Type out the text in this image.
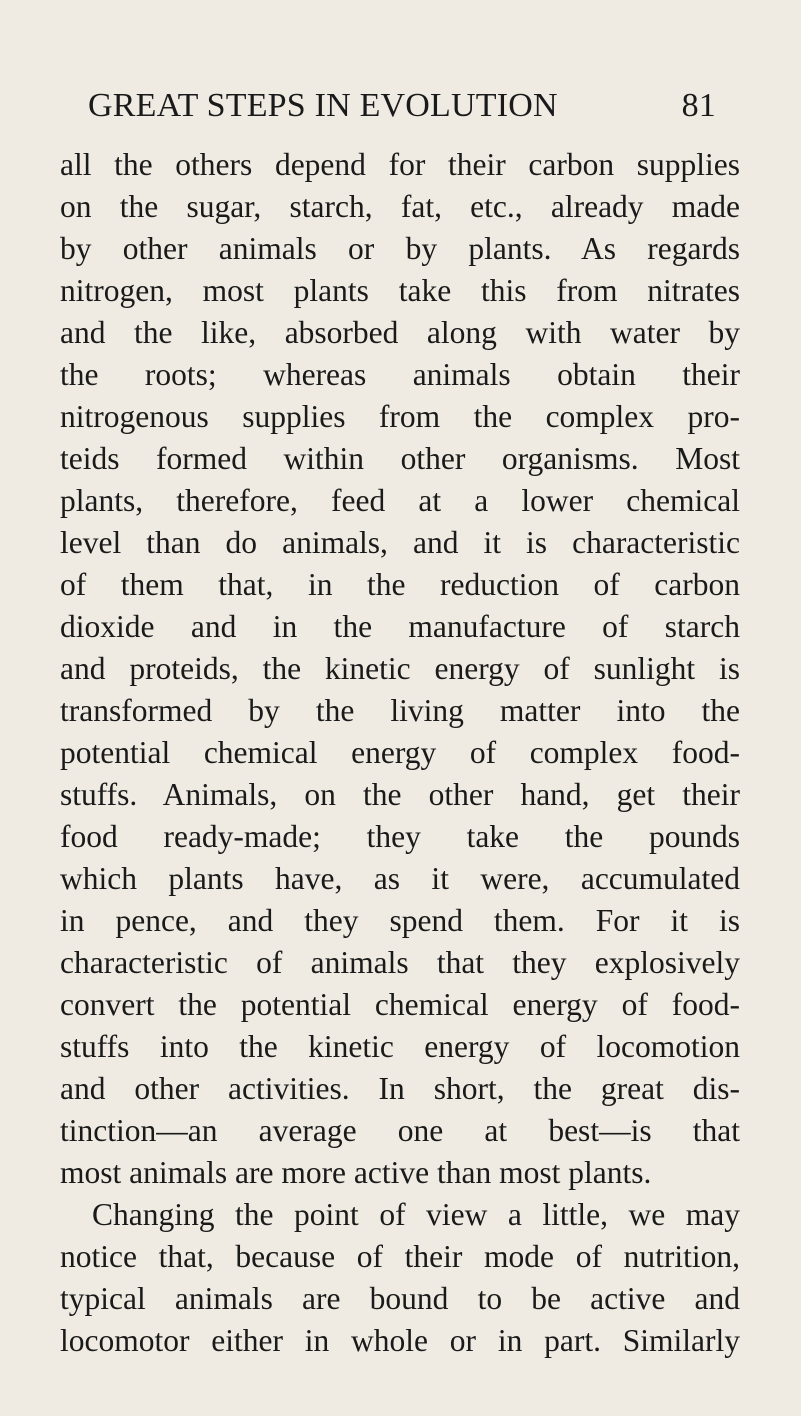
GREAT STEPS IN EVOLUTION	81
all the others depend for their carbon supplies
on the sugar, starch, fat, etc., already made
by other animals or by plants. As regards
nitrogen, most plants take this from nitrates
and the like, absorbed along with water by
the roots; whereas animals obtain their
nitrogenous supplies from the complex pro-
teids formed within other organisms. Most
plants, therefore, feed at a lower chemical
level than do animals, and it is characteristic
of them that, in the reduction of carbon
dioxide and in the manufacture of starch
and proteids, the kinetic energy of sunlight is
transformed by the living matter into the
potential chemical energy of complex food-
stuffs. Animals, on the other hand, get their
food ready-made; they take the pounds
which plants have, as it were, accumulated
in pence, and they spend them. For it is
characteristic of animals that they explosively
convert the potential chemical energy of food-
stuffs into the kinetic energy of locomotion
and other activities. In short, the great dis-
tinction—an average one at best—is that
most animals are more active than most plants.
Changing the point of view a little, we may
notice that, because of their mode of nutrition,
typical animals are bound to be active and
locomotor either in whole or in part. Similarly
